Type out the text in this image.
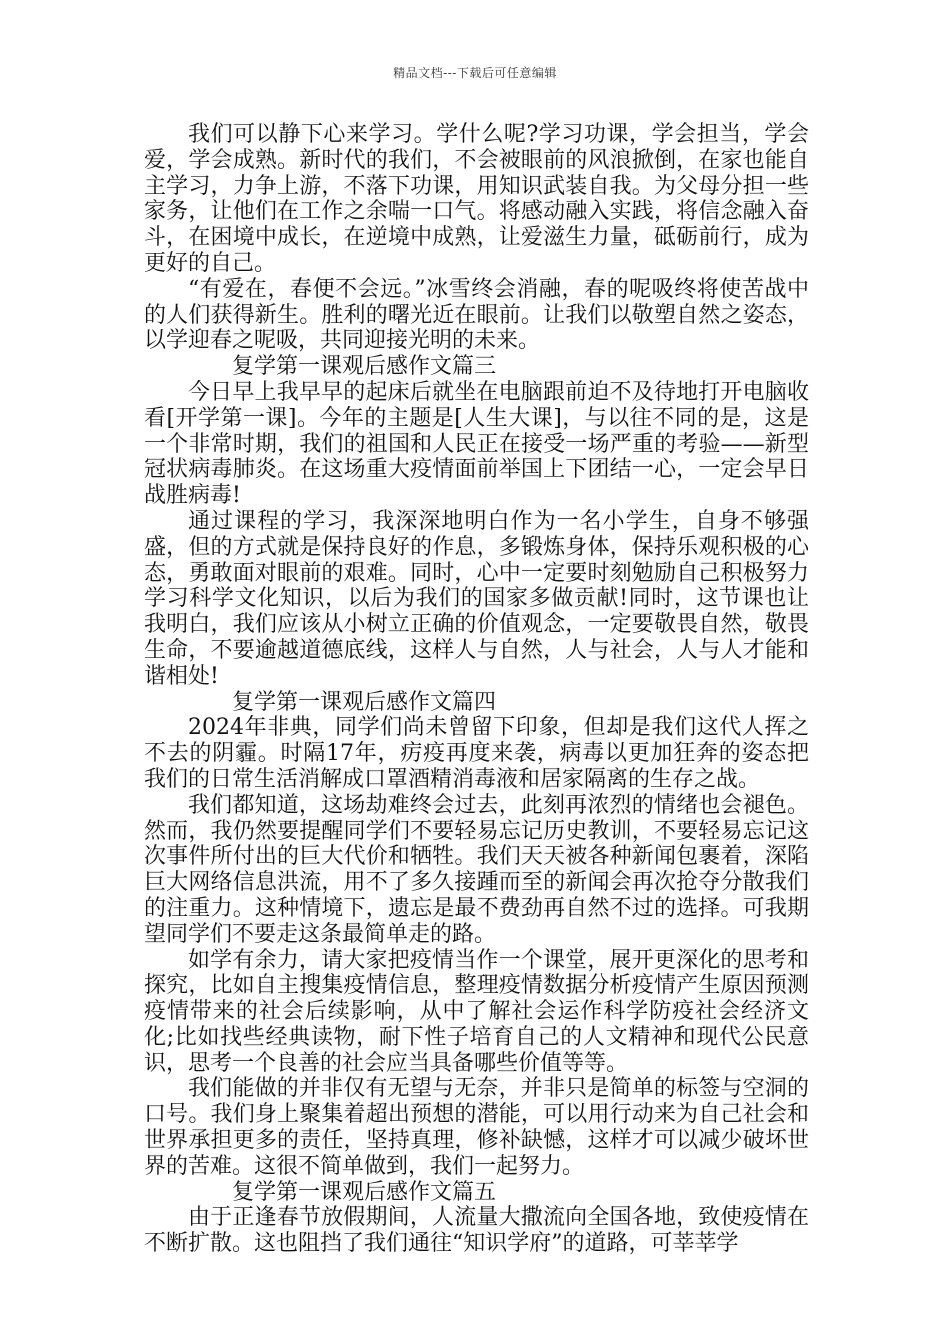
精品文档---下载后可任意编辑

我们可以静下心来学习。学什么呢?学习功课，学会担当，学会爱，学会成熟。新时代的我们，不会被眼前的风浪掀倒，在家也能自主学习，力争上游，不落下功课，用知识武装自我。为父母分担一些家务，让他们在工作之余喘一口气。将感动融入实践，将信念融入奋斗，在困境中成长，在逆境中成熟，让爱滋生力量，砥砺前行，成为更好的自己。

“有爱在，春便不会远。”冰雪终会消融，春的呢吸终将使苦战中的人们获得新生。胜利的曙光近在眼前。让我们以敬塑自然之姿态，以学迎春之呢吸，共同迎接光明的未来。

复学第一课观后感作文篇三

今日早上我早早的起床后就坐在电脑跟前迫不及待地打开电脑收看[开学第一课]。今年的主题是[人生大课]，与以往不同的是，这是一个非常时期，我们的祖国和人民正在接受一场严重的考验——新型冠状病毒肺炎。在这场重大疫情面前举国上下团结一心，一定会早日战胜病毒!

通过课程的学习，我深深地明白作为一名小学生，自身不够强盛，但的方式就是保持良好的作息，多锻炼身体，保持乐观积极的心态，勇敢面对眼前的艰难。同时，心中一定要时刻勉励自己积极努力学习科学文化知识，以后为我们的国家多做贡献!同时，这节课也让我明白，我们应该从小树立正确的价值观念，一定要敬畏自然，敬畏生命，不要逾越道德底线，这样人与自然，人与社会，人与人才能和谐相处!

复学第一课观后感作文篇四

2024年非典，同学们尚未曾留下印象，但却是我们这代人挥之不去的阴霾。时隔17年，疠疫再度来袭，病毒以更加狂奔的姿态把我们的日常生活消解成口罩酒精消毒液和居家隔离的生存之战。

我们都知道，这场劫难终会过去，此刻再浓烈的情绪也会褪色。然而，我仍然要提醒同学们不要轻易忘记历史教训，不要轻易忘记这次事件所付出的巨大代价和牺牲。我们天天被各种新闻包裹着，深陷巨大网络信息洪流，用不了多久接踵而至的新闻会再次抢夺分散我们的注重力。这种情境下，遗忘是最不费劲再自然不过的选择。可我期望同学们不要走这条最简单走的路。

如学有余力，请大家把疫情当作一个课堂，展开更深化的思考和探究，比如自主搜集疫情信息，整理疫情数据分析疫情产生原因预测疫情带来的社会后续影响，从中了解社会运作科学防疫社会经济文化;比如找些经典读物，耐下性子培育自己的人文精神和现代公民意识，思考一个良善的社会应当具备哪些价值等等。

我们能做的并非仅有无望与无奈，并非只是简单的标签与空洞的口号。我们身上聚集着超出预想的潜能，可以用行动来为自己社会和世界承担更多的责任，坚持真理，修补缺憾，这样才可以减少破坏世界的苦难。这很不简单做到，我们一起努力。

复学第一课观后感作文篇五

由于正逢春节放假期间，人流量大撒流向全国各地，致使疫情在不断扩散。这也阻挡了我们通往“知识学府”的道路，可莘莘学
